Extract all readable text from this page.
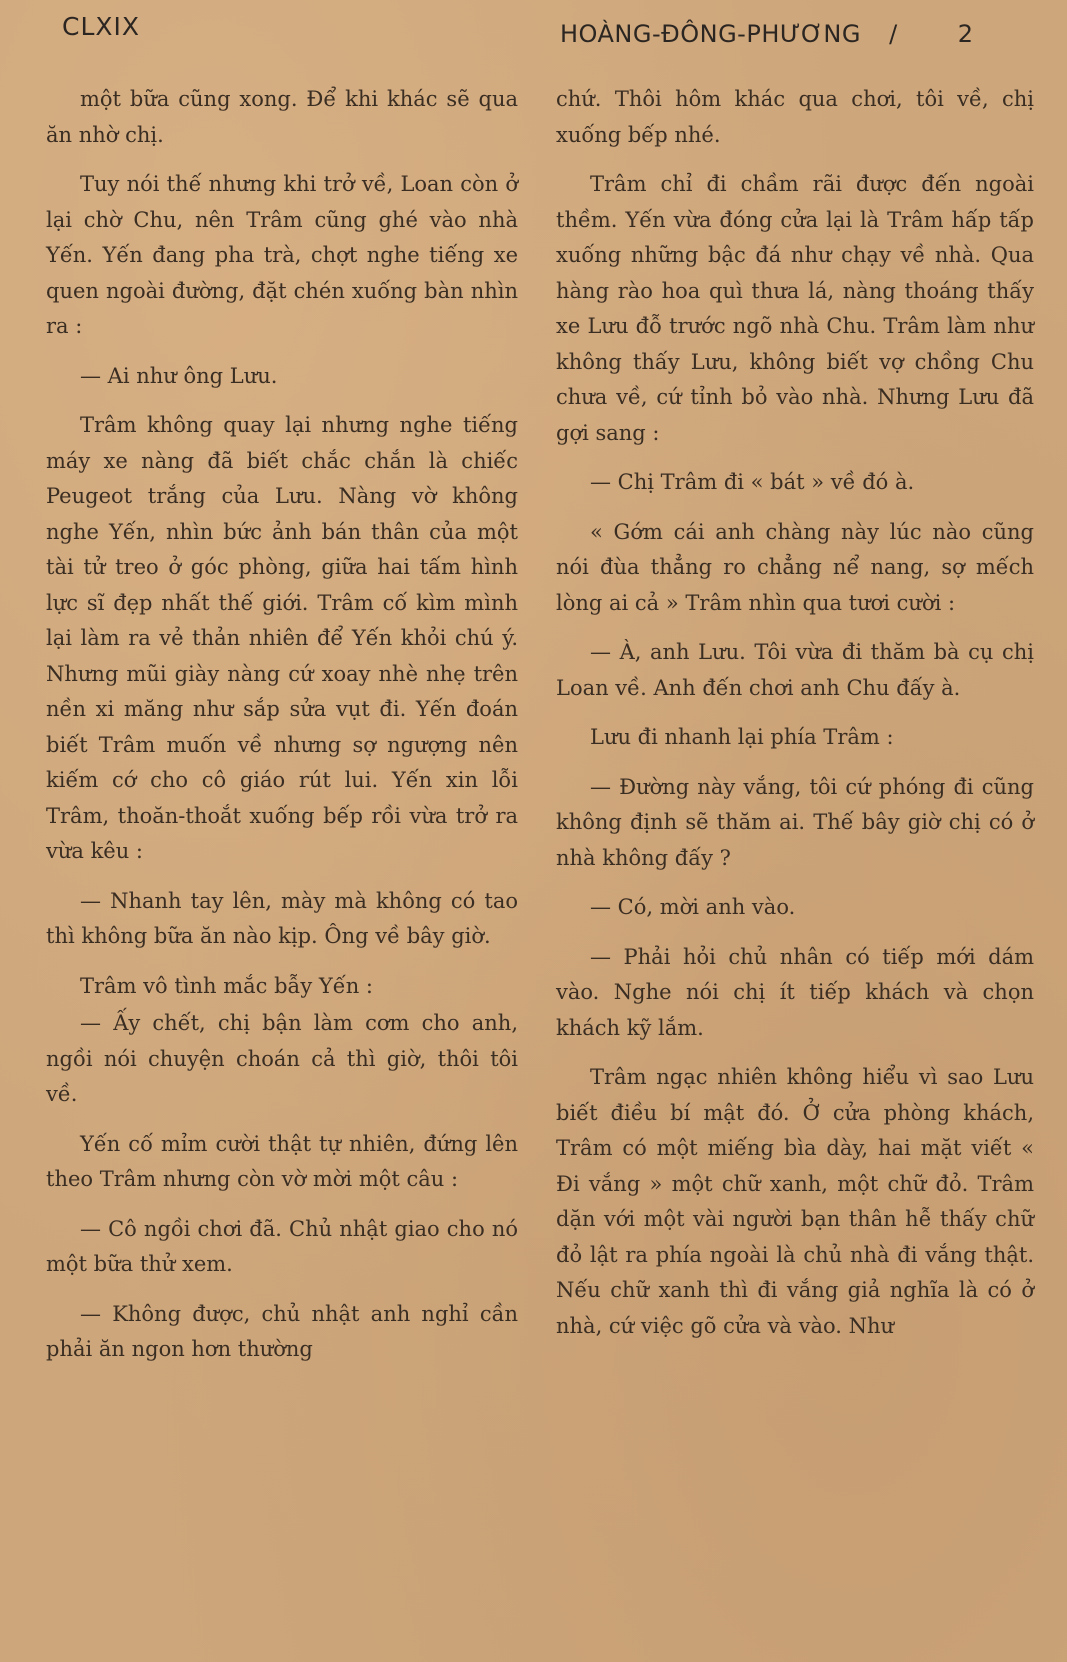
CLXIX	HOÀNG-ĐÔNG-PHƯƠNG /	2

một bữa cũng xong. Để khi khác sẽ qua ăn nhờ chị.

Tuy nói thế nhưng khi trở về, Loan còn ở lại chờ Chu, nên Trâm cũng ghé vào nhà Yến. Yến đang pha trà, chợt nghe tiếng xe quen ngoài đường, đặt chén xuống bàn nhìn ra :

— Ai như ông Lưu.

Trâm không quay lại nhưng nghe tiếng máy xe nàng đã biết chắc chắn là chiếc Peugeot trắng của Lưu. Nàng vờ không nghe Yến, nhìn bức ảnh bán thân của một tài tử treo ở góc phòng, giữa hai tấm hình lực sĩ đẹp nhất thế giới. Trâm cố kìm mình lại làm ra vẻ thản nhiên để Yến khỏi chú ý. Nhưng mũi giày nàng cứ xoay nhè nhẹ trên nền xi măng như sắp sửa vụt đi. Yến đoán biết Trâm muốn về nhưng sợ ngượng nên kiếm cớ cho cô giáo rút lui. Yến xin lỗi Trâm, thoăn-thoắt xuống bếp rồi vừa trở ra vừa kêu :

— Nhanh tay lên, mày mà không có tao thì không bữa ăn nào kịp. Ông về bây giờ.

Trâm vô tình mắc bẫy Yến :

— Ấy chết, chị bận làm cơm cho anh, ngồi nói chuyện choán cả thì giờ, thôi tôi về.

Yến cố mỉm cười thật tự nhiên, đứng lên theo Trâm nhưng còn vờ mời một câu :

— Cô ngồi chơi đã. Chủ nhật giao cho nó một bữa thử xem.

— Không được, chủ nhật anh nghỉ cần phải ăn ngon hơn thường

chứ. Thôi hôm khác qua chơi, tôi về, chị xuống bếp nhé.

Trâm chỉ đi chầm rãi được đến ngoài thềm. Yến vừa đóng cửa lại là Trâm hấp tấp xuống những bậc đá như chạy về nhà. Qua hàng rào hoa quì thưa lá, nàng thoáng thấy xe Lưu đỗ trước ngõ nhà Chu. Trâm làm như không thấy Lưu, không biết vợ chồng Chu chưa về, cứ tỉnh bỏ vào nhà. Nhưng Lưu đã gợi sang :

— Chị Trâm đi « bát » về đó à.

« Gớm cái anh chàng này lúc nào cũng nói đùa thẳng ro chẳng nể nang, sợ mếch lòng ai cả » Trâm nhìn qua tươi cười :

— À, anh Lưu. Tôi vừa đi thăm bà cụ chị Loan về. Anh đến chơi anh Chu đấy à.

Lưu đi nhanh lại phía Trâm :

— Đường này vắng, tôi cứ phóng đi cũng không định sẽ thăm ai. Thế bây giờ chị có ở nhà không đấy ?

— Có, mời anh vào.

— Phải hỏi chủ nhân có tiếp mới dám vào. Nghe nói chị ít tiếp khách và chọn khách kỹ lắm.

Trâm ngạc nhiên không hiểu vì sao Lưu biết điều bí mật đó. Ở cửa phòng khách, Trâm có một miếng bìa dày, hai mặt viết « Đi vắng » một chữ xanh, một chữ đỏ. Trâm dặn với một vài người bạn thân hễ thấy chữ đỏ lật ra phía ngoài là chủ nhà đi vắng thật. Nếu chữ xanh thì đi vắng giả nghĩa là có ở nhà, cứ việc gõ cửa và vào. Như
